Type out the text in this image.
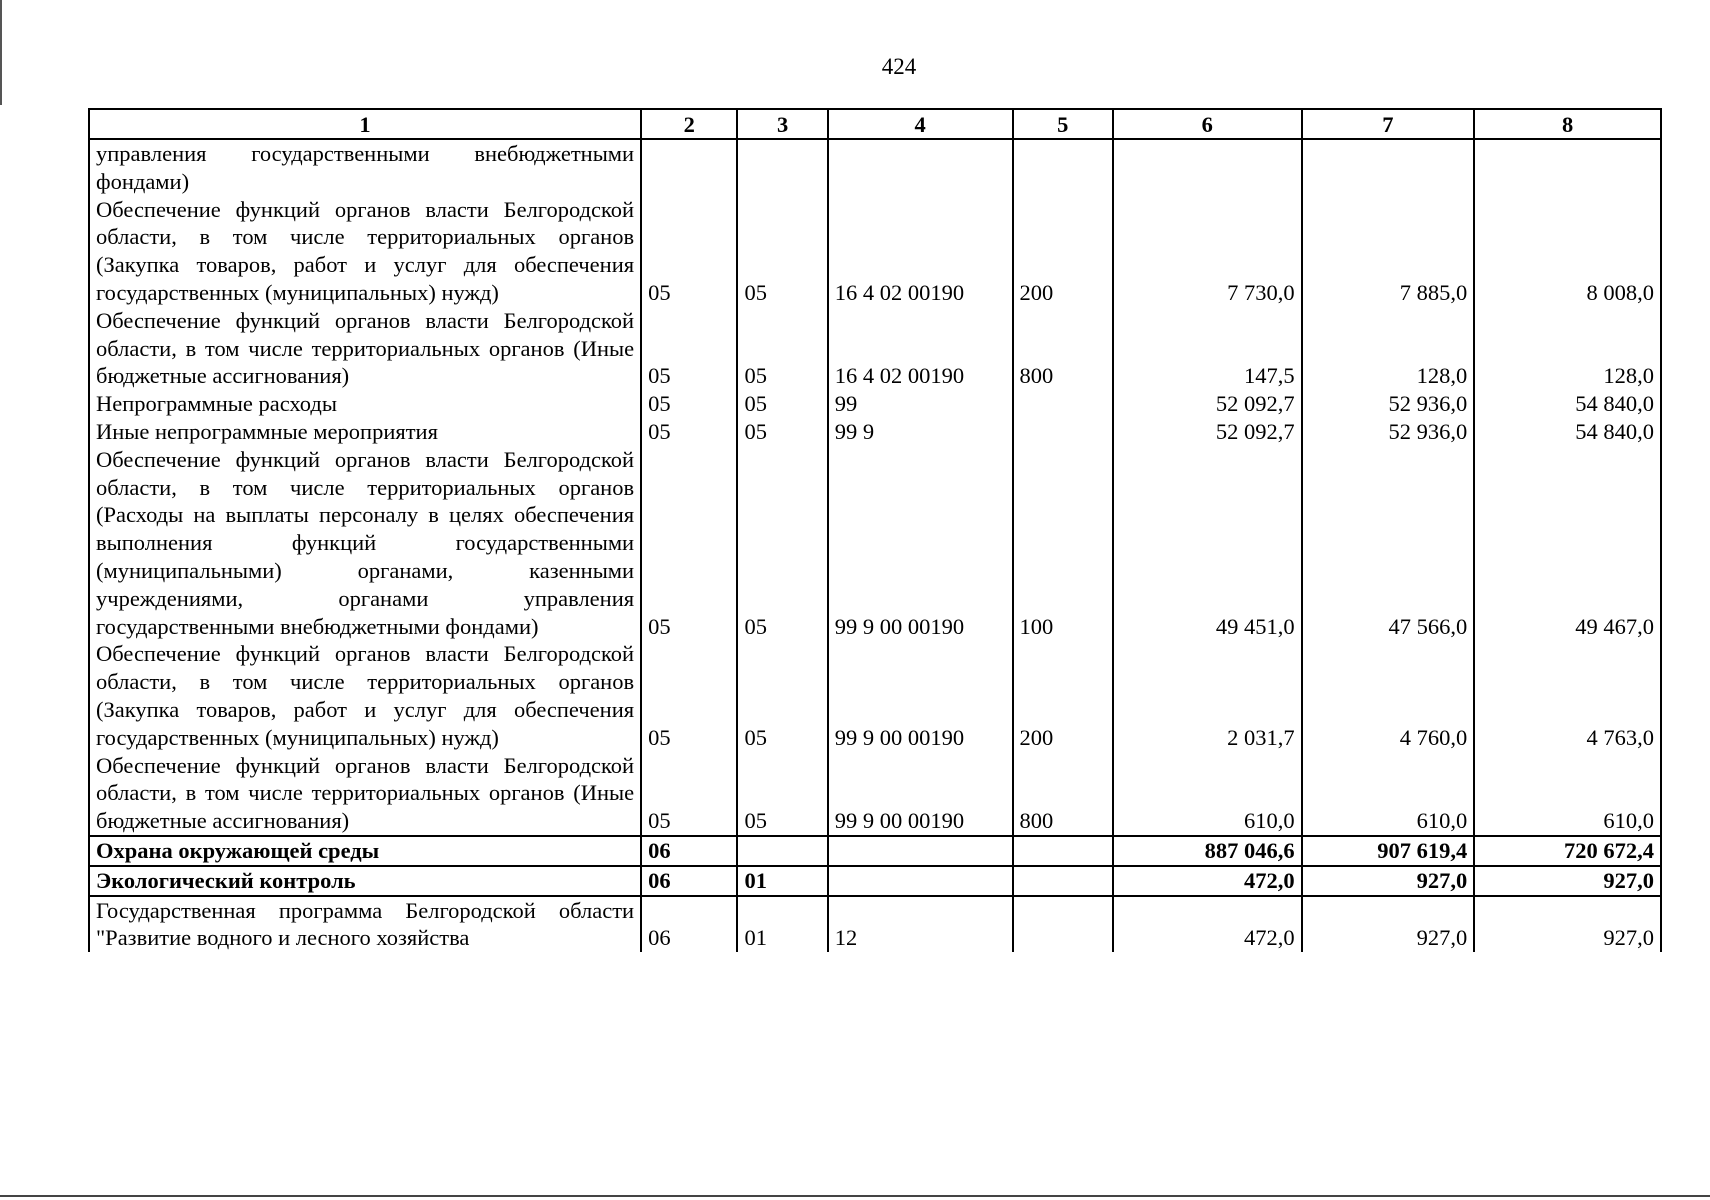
424
1	2	3	4	5	6	7	8
управления государственными внебюджетными фондами)							
Обеспечение функций органов власти Белгородской области, в том числе территориальных органов (Закупка товаров, работ и услуг для обеспечения государственных (муниципальных) нужд)	05	05	16 4 02 00190	200	7 730,0	7 885,0	8 008,0
Обеспечение функций органов власти Белгородской области, в том числе территориальных органов (Иные бюджетные ассигнования)	05	05	16 4 02 00190	800	147,5	128,0	128,0
Непрограммные расходы	05	05	99		52 092,7	52 936,0	54 840,0
Иные непрограммные мероприятия	05	05	99 9		52 092,7	52 936,0	54 840,0
Обеспечение функций органов власти Белгородской области, в том числе территориальных органов (Расходы на выплаты персоналу в целях обеспечения выполнения функций государственными (муниципальными) органами, казенными учреждениями, органами управления государственными внебюджетными фондами)	05	05	99 9 00 00190	100	49 451,0	47 566,0	49 467,0
Обеспечение функций органов власти Белгородской области, в том числе территориальных органов (Закупка товаров, работ и услуг для обеспечения государственных (муниципальных) нужд)	05	05	99 9 00 00190	200	2 031,7	4 760,0	4 763,0
Обеспечение функций органов власти Белгородской области, в том числе территориальных органов (Иные бюджетные ассигнования)	05	05	99 9 00 00190	800	610,0	610,0	610,0
Охрана окружающей среды	06				887 046,6	907 619,4	720 672,4
Экологический контроль	06	01			472,0	927,0	927,0
Государственная программа Белгородской области "Развитие водного и лесного хозяйства	06	01	12		472,0	927,0	927,0
